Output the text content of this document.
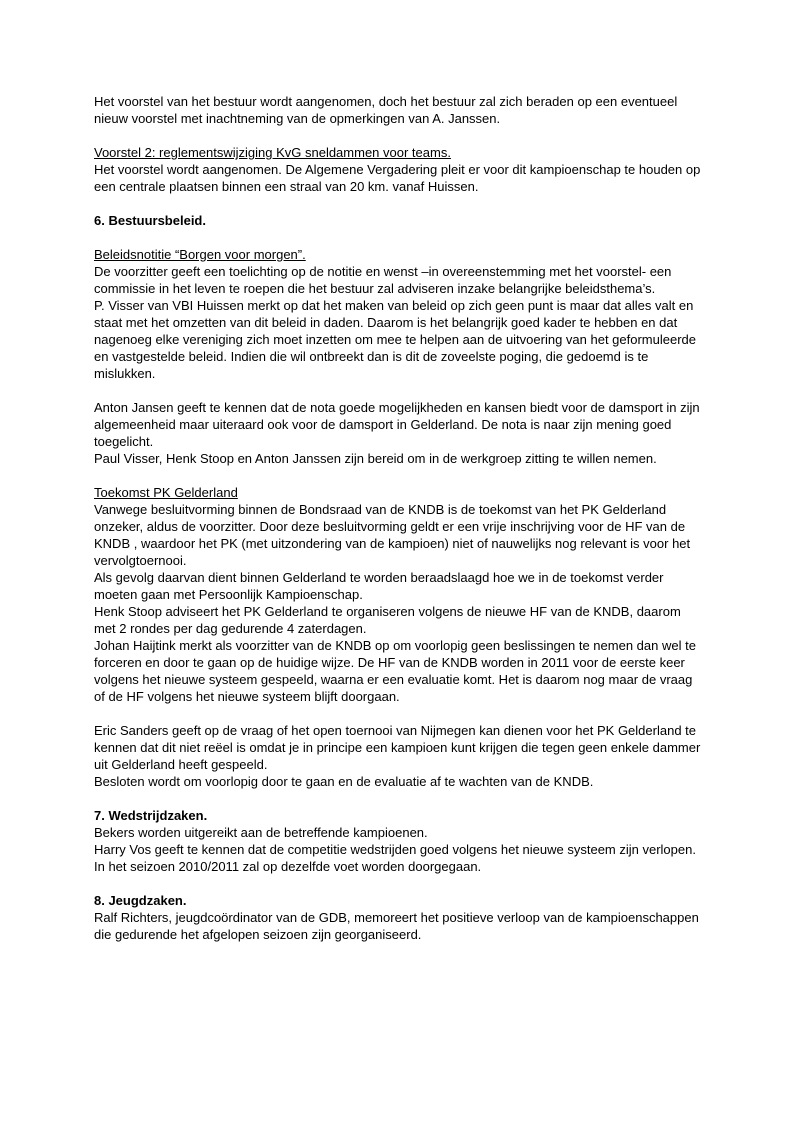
Het voorstel van het bestuur wordt aangenomen, doch het bestuur zal zich beraden op een eventueel nieuw voorstel met inachtneming van de opmerkingen van A. Janssen.

Voorstel 2: reglementswijziging KvG sneldammen voor teams.

Het voorstel wordt aangenomen. De Algemene Vergadering pleit er voor dit kampioenschap te houden op een centrale plaatsen binnen een straal van 20 km. vanaf Huissen.

6. Bestuursbeleid.

Beleidsnotitie “Borgen voor morgen”.

De voorzitter geeft een toelichting op de notitie en wenst –in overeenstemming met het voorstel- een commissie in het leven te roepen die het bestuur zal adviseren inzake belangrijke beleidsthema’s.

P. Visser van VBI Huissen merkt op dat het maken van beleid op zich geen punt is maar dat alles valt en staat met het omzetten van dit beleid in daden. Daarom is het belangrijk goed kader te hebben en dat nagenoeg elke vereniging zich moet inzetten om mee te helpen aan de uitvoering van het geformuleerde en vastgestelde beleid. Indien die wil ontbreekt dan is dit de zoveelste poging, die gedoemd is te mislukken.

Anton Jansen geeft te kennen dat de nota goede mogelijkheden en kansen biedt voor de damsport in zijn algemeenheid maar uiteraard ook voor de damsport in Gelderland. De nota is naar zijn mening goed toegelicht.

Paul Visser, Henk Stoop en Anton Janssen zijn bereid om in de werkgroep zitting te willen nemen.

Toekomst PK Gelderland

Vanwege besluitvorming binnen de Bondsraad van de KNDB is de toekomst van het PK Gelderland onzeker, aldus de voorzitter. Door deze besluitvorming geldt er een vrije inschrijving voor de HF van de KNDB , waardoor het PK (met uitzondering van de kampioen) niet of nauwelijks nog relevant is voor het vervolgtoernooi.

Als gevolg daarvan dient binnen Gelderland te worden beraadslaagd hoe we in de toekomst verder moeten gaan met Persoonlijk Kampioenschap.

Henk Stoop adviseert het PK Gelderland te organiseren volgens de nieuwe HF van de KNDB, daarom met 2 rondes per dag gedurende 4 zaterdagen.

Johan Haijtink merkt als voorzitter van de KNDB op om voorlopig geen beslissingen te nemen dan wel te forceren en door te gaan op de huidige wijze. De HF van de KNDB worden in 2011 voor de eerste keer volgens het nieuwe systeem gespeeld, waarna er een evaluatie komt. Het is daarom nog maar de vraag of de HF volgens het nieuwe systeem blijft doorgaan.

Eric Sanders geeft op de vraag of het open toernooi van Nijmegen kan dienen voor het PK Gelderland te kennen dat dit niet reëel is omdat je in principe een kampioen kunt krijgen die tegen geen enkele dammer uit Gelderland heeft gespeeld.

Besloten wordt om voorlopig door te gaan en de evaluatie af te wachten van de KNDB.

7. Wedstrijdzaken.

Bekers worden uitgereikt aan de betreffende kampioenen.

Harry Vos geeft te kennen dat de competitie wedstrijden goed volgens het nieuwe systeem zijn verlopen.

In het seizoen 2010/2011 zal op dezelfde voet worden doorgegaan.

8. Jeugdzaken.

Ralf Richters, jeugdcoördinator van de GDB, memoreert het positieve verloop van de kampioenschappen die gedurende het afgelopen seizoen zijn georganiseerd.
